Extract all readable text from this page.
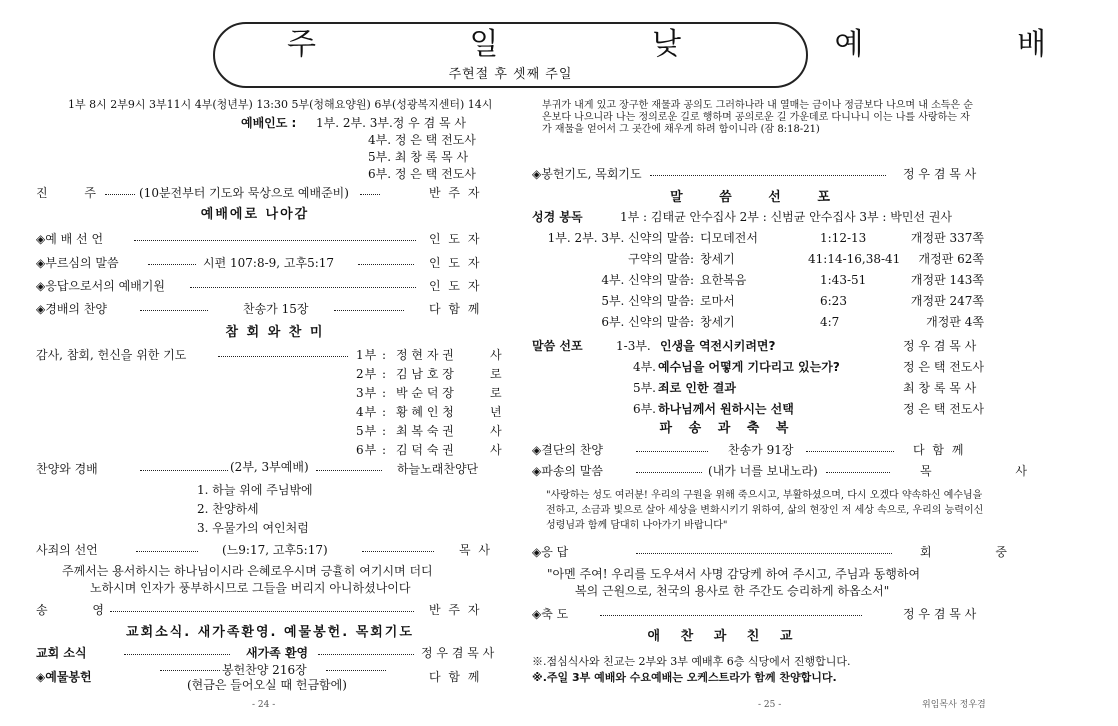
주 일 낮 예 배
주현절 후 셋째 주일
1부 8시 2부9시 3부11시 4부(청년부) 13:30 5부(청해요양원) 6부(성광복지센터) 14시
예배인도 : 1부. 2부. 3부.정 우 겸 목 사
4부. 정 은 택 전도사
5부. 최 창 록 목 사
6부. 정 은 택 전도사
진 주	(10분전부터 기도와 묵상으로 예배준비)	반 주 자
예배에로 나아감
◈예 배 선 언	인 도 자
◈부르심의 말씀	시편 107:8-9, 고후5:17	인 도 자
◈응답으로서의 예배기원	인 도 자
◈경배의 찬양	찬송가 15장	다 함 께
참 회 와 찬 미
감사, 참회, 헌신을 위한 기도	1부 : 정 현 자 권	사
2부 : 김 남 호 장	로
3부 : 박 순 덕 장	로
4부 : 황 혜 인 청	년
5부 : 최 복 숙 권	사
6부 : 김 덕 숙 권	사
찬양와 경배	(2부, 3부예배)	하늘노래찬양단
1. 하늘 위에 주님밖에
2. 찬양하세
3. 우물가의 여인처럼
사죄의 선언	(느9:17, 고후5:17)	목 사
주께서는 용서하시는 하나님이시라 은혜로우시며 긍휼히 여기시며 더디
노하시며 인자가 풍부하시므로 그들을 버리지 아니하셨나이다
송 영	반 주 자
교회소식. 새가족환영. 예물봉헌. 목회기도
교회 소식	새가족 환영	정 우 겸 목 사
◈예물봉헌	봉헌찬양 216장
(현금은 들어오실 때 헌금함에)
다 함 께
- 24 -
부귀가 내게 있고 장구한 재물과 공의도 그러하나라 내 열매는 금이나 정금보다 나으며 내 소득은 순은보다 나으니라 나는 정의로운 길로 행하며 공의로운 길 가운데로 다니나니 이는 나를 사랑하는 자가 재물을 얻어서 그 곳간에 채우게 하려 함이니라 (잠 8:18-21)
◈봉헌기도, 목회기도	정 우 겸 목 사
말 씀 선 포
성경 봉독	1부 : 김태균 안수집사 2부 : 신범균 안수집사 3부 : 박민선 권사
1부. 2부. 3부. 신약의 말씀: 디모데전서	1:12-13	개정판 337쪽
구약의 말씀: 창세기	41:14-16,38-41 개정판 62쪽
4부. 신약의 말씀: 요한복음	1:43-51	개정판 143쪽
5부. 신약의 말씀: 로마서	6:23	개정판 247쪽
6부. 신약의 말씀: 창세기	4:7	개정판 4쪽
말씀 선포	1-3부. 인생을 역전시키려면?	정 우 겸 목 사
4부. 예수님을 어떻게 기다리고 있는가?	정 은 택 전도사
5부. 죄로 인한 결과	최 창 록 목 사
6부. 하나님께서 원하시는 선택	정 은 택 전도사
파 송 과 축 복
◈결단의 찬양	찬송가 91장	다 함 께
◈파송의 말씀	(내가 너를 보내노라)	목 사
"사랑하는 성도 여러분! 우리의 구원을 위해 죽으시고, 부활하셨으며, 다시 오겠다 약속하신 예수님을 전하고, 소금과 빛으로 살아 세상을 변화시키기 위하여, 삶의 현장인 저 세상 속으로, 우리의 능력이신 성령님과 함께 담대히 나아가기 바랍니다"
◈응 답	회 중
"아멘 주여! 우리를 도우셔서 사명 감당케 하여 주시고, 주님과 동행하여
복의 근원으로, 천국의 용사로 한 주간도 승리하게 하옵소서"
◈축 도	정 우 겸 목 사
애 찬 과 친 교
※.점심식사와 친교는 2부와 3부 예배후 6층 식당에서 진행합니다.
※.주일 3부 예배와 수요예배는 오케스트라가 함께 찬양합니다.
- 25 -	위임목사 정우겸
